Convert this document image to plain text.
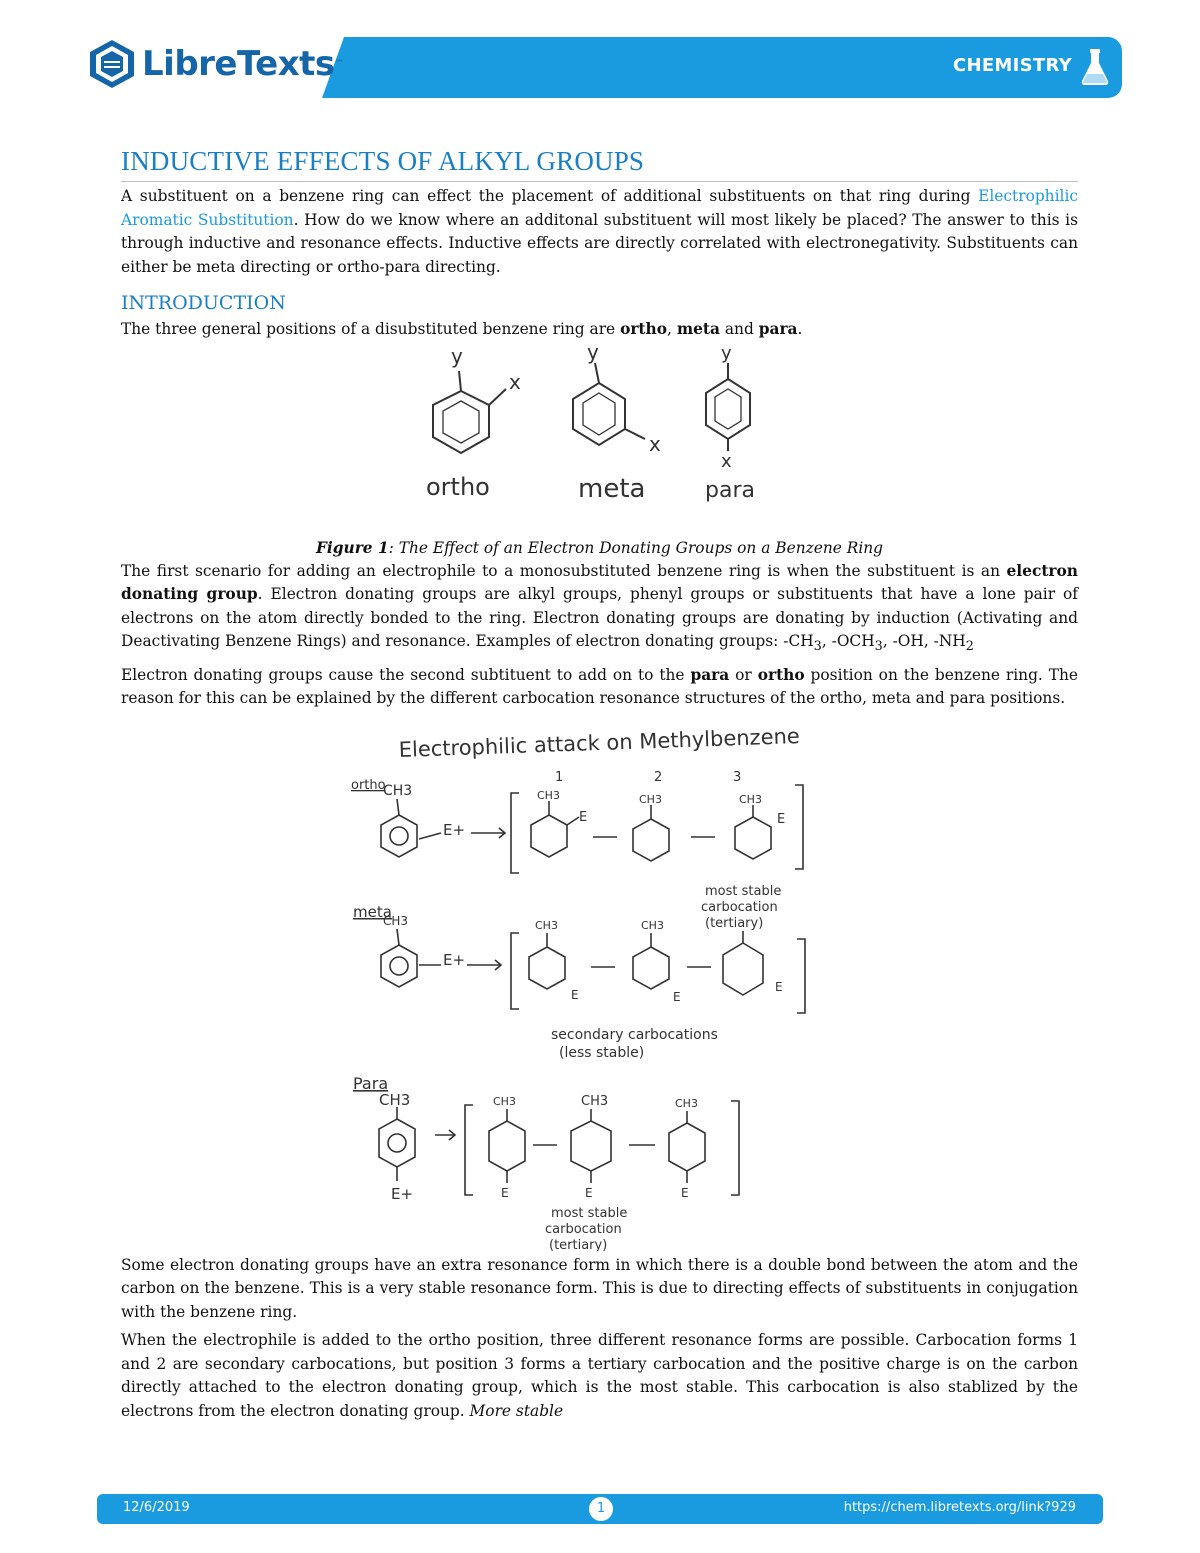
LibreTexts ™	CHEMISTRY
INDUCTIVE EFFECTS OF ALKYL GROUPS

A substituent on a benzene ring can effect the placement of additional substituents on that ring during Electrophilic Aromatic Substitution. How do we know where an additonal substituent will most likely be placed? The answer to this is through inductive and resonance effects. Inductive effects are directly correlated with electronegativity. Substituents can either be meta directing or ortho-para directing.

INTRODUCTION

The three general positions of a disubstituted benzene ring are ortho, meta and para.

y
x
y
x
y
x
ortho	meta	para
Figure 1: The Effect of an Electron Donating Groups on a Benzene Ring

The first scenario for adding an electrophile to a monosubstituted benzene ring is when the substituent is an electron donating group. Electron donating groups are alkyl groups, phenyl groups or substituents that have a lone pair of electrons on the atom directly bonded to the ring. Electron donating groups are donating by induction (Activating and Deactivating Benzene Rings) and resonance. Examples of electron donating groups: $-CH_3$, $-OCH_3$, -OH, $-NH_2$

Electron donating groups cause the second subtituent to add on to the para or ortho position on the benzene ring. The reason for this can be explained by the different carbocation resonance structures of the ortho, meta and para positions.

Electrophilic attack on Methylbenzene
ortho
CH3
E+
1	2	3
CH3	CH3	CH3
E	E
most stable
carbocation
(tertiary)
meta
CH3
E+
CH3	CH3
E	E
E
secondary carbocations
(less stable)
Para
CH3
E+
CH3	CH3	CH3
E	E	E
most stable
carbocation
(tertiary)

Some electron donating groups have an extra resonance form in which there is a double bond between the atom and the carbon on the benzene. This is a very stable resonance form. This is due to directing effects of substituents in conjugation with the benzene ring.

When the electrophile is added to the ortho position, three different resonance forms are possible. Carbocation forms 1 and 2 are secondary carbocations, but position 3 forms a tertiary carbocation and the positive charge is on the carbon directly attached to the electron donating group, which is the most stable. This carbocation is also stablized by the electrons from the electron donating group. More stable

12/6/2019	1	https://chem.libretexts.org/link?929
